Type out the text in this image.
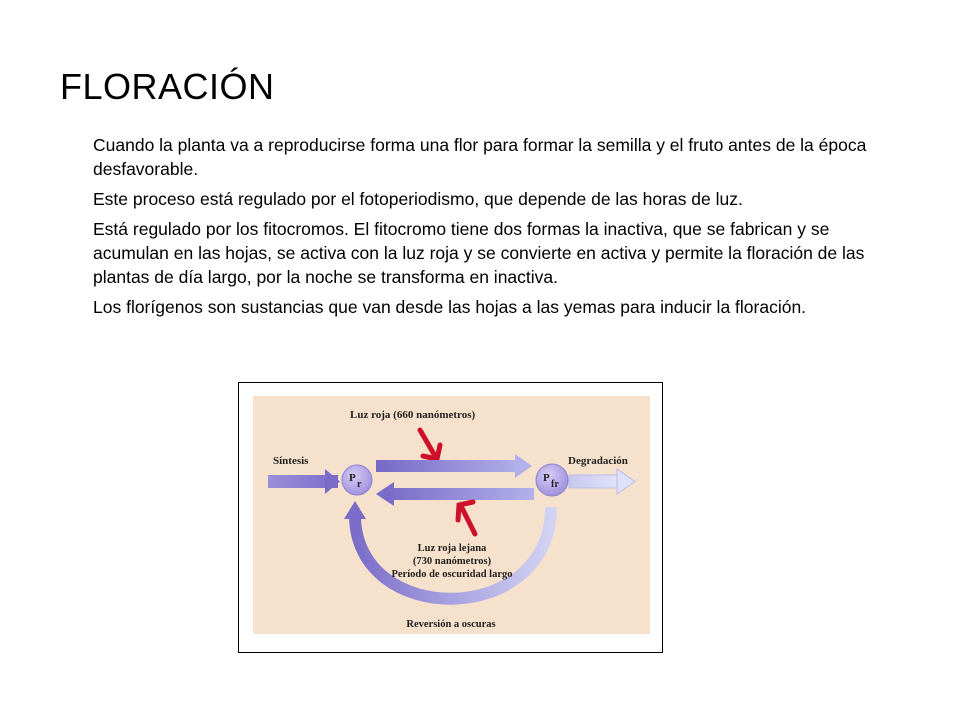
FLORACIÓN

Cuando la planta va a reproducirse forma una flor para formar la semilla y el fruto antes de la época desfavorable.

Este proceso está regulado por el fotoperiodismo, que depende de las horas de luz.

Está regulado por los fitocromos. El fitocromo tiene dos formas la inactiva, que se fabrican y se acumulan en las hojas, se activa con la luz roja y se convierte en activa y permite la floración de las plantas de día largo, por la noche se transforma en inactiva.

Los florígenos son sustancias que van desde las hojas a las yemas para inducir la floración.

Luz roja (660 nanómetros)
Síntesis	Degradación
P
r
P
fr
Luz roja lejana
(730 nanómetros)
Período de oscuridad largo
Reversión a oscuras
